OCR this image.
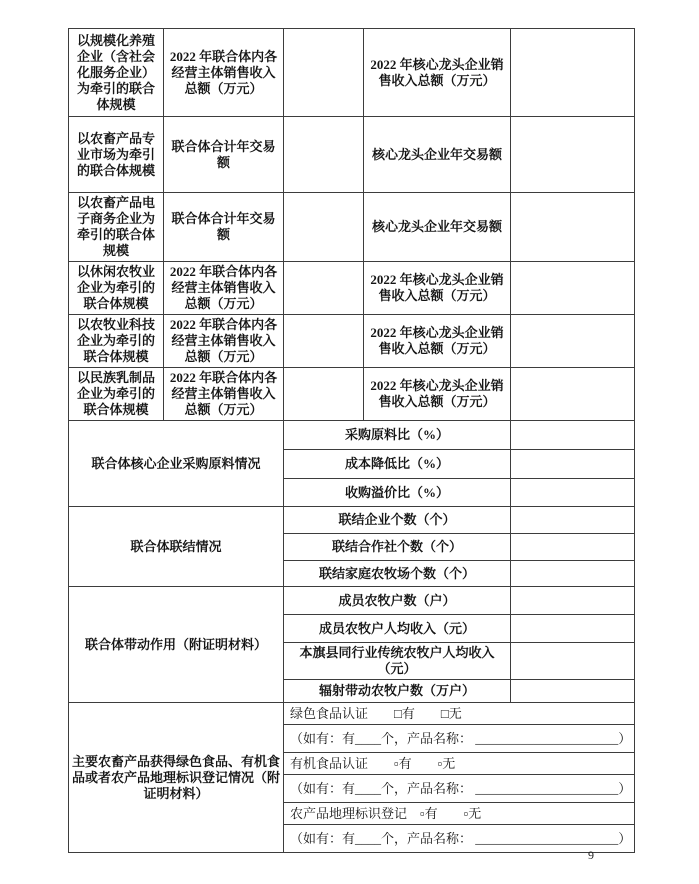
以规模化养殖企业（含社会化服务企业）为牵引的联合体规模	2022 年联合体内各经营主体销售收入总额（万元）		2022 年核心龙头企业销售收入总额（万元）	
以农畜产品专业市场为牵引的联合体规模	联合体合计年交易额		核心龙头企业年交易额	
以农畜产品电子商务企业为牵引的联合体规模	联合体合计年交易额		核心龙头企业年交易额	
以休闲农牧业企业为牵引的联合体规模	2022 年联合体内各经营主体销售收入总额（万元）		2022 年核心龙头企业销售收入总额（万元）	
以农牧业科技企业为牵引的联合体规模	2022 年联合体内各经营主体销售收入总额（万元）		2022 年核心龙头企业销售收入总额（万元）	
以民族乳制品企业为牵引的联合体规模	2022 年联合体内各经营主体销售收入总额（万元）		2022 年核心龙头企业销售收入总额（万元）	
联合体核心企业采购原料情况		采购原料比（%）		
		成本降低比（%）		
		收购溢价比（%）		
联合体联结情况		联结企业个数（个）		
		联结合作社个数（个）		
		联结家庭农牧场个数（个）		
联合体带动作用（附证明材料）		成员农牧户数（户）		
		成员农牧户人均收入（元）		
		本旗县同行业传统农牧户人均收入（元）		
		辐射带动农牧户数（万户）		
主要农畜产品获得绿色食品、有机食品或者农产品地理标识登记情况（附证明材料）		绿色食品认证　　□有　　□无		
		（如有：有____个，产品名称： ______________________）		
		有机食品认证　　▫有　　▫无		
		（如有：有____个，产品名称： ______________________）		
		农产品地理标识登记　▫有　　▫无		
		（如有：有____个，产品名称： ______________________）		
9
